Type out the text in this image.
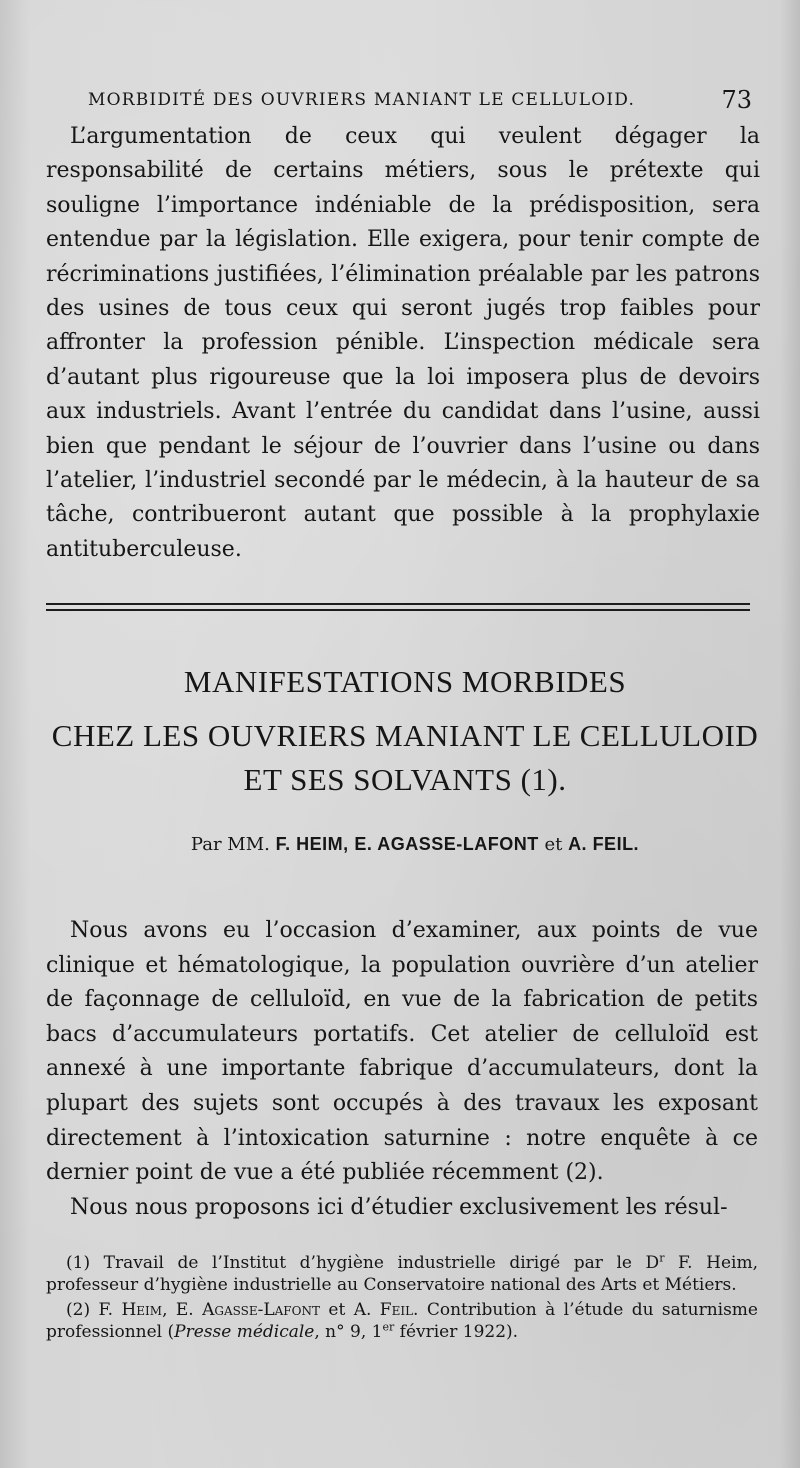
MORBIDITÉ DES OUVRIERS MANIANT LE CELLULOID.	73

L’argumentation de ceux qui veulent dégager la responsabilité de certains métiers, sous le prétexte qui souligne l’importance indéniable de la prédisposition, sera entendue par la législation. Elle exigera, pour tenir compte de récriminations justifiées, l’élimination préalable par les patrons des usines de tous ceux qui seront jugés trop faibles pour affronter la profession pénible. L’inspection médicale sera d’autant plus rigoureuse que la loi imposera plus de devoirs aux industriels. Avant l’entrée du candidat dans l’usine, aussi bien que pendant le séjour de l’ouvrier dans l’usine ou dans l’atelier, l’industriel secondé par le médecin, à la hauteur de sa tâche, contribueront autant que possible à la prophylaxie antituberculeuse.

MANIFESTATIONS MORBIDES
CHEZ LES OUVRIERS MANIANT LE CELLULOID
ET SES SOLVANTS (1).
Par MM. F. HEIM, E. AGASSE-LAFONT et A. FEIL.

Nous avons eu l’occasion d’examiner, aux points de vue clinique et hématologique, la population ouvrière d’un atelier de façonnage de celluloïd, en vue de la fabrication de petits bacs d’accumulateurs portatifs. Cet atelier de celluloïd est annexé à une importante fabrique d’accumulateurs, dont la plupart des sujets sont occupés à des travaux les exposant directement à l’intoxication saturnine : notre enquête à ce dernier point de vue a été publiée récemment (2).

Nous nous proposons ici d’étudier exclusivement les résul-

(1) Travail de l’Institut d’hygiène industrielle dirigé par le $D^r$ F. Heim, professeur d’hygiène industrielle au Conservatoire national des Arts et Métiers.

(2) F. Heim, E. Agasse-Lafont et A. Feil. Contribution à l’étude du saturnisme professionnel (Presse médicale, n° 9, 1er février 1922).
